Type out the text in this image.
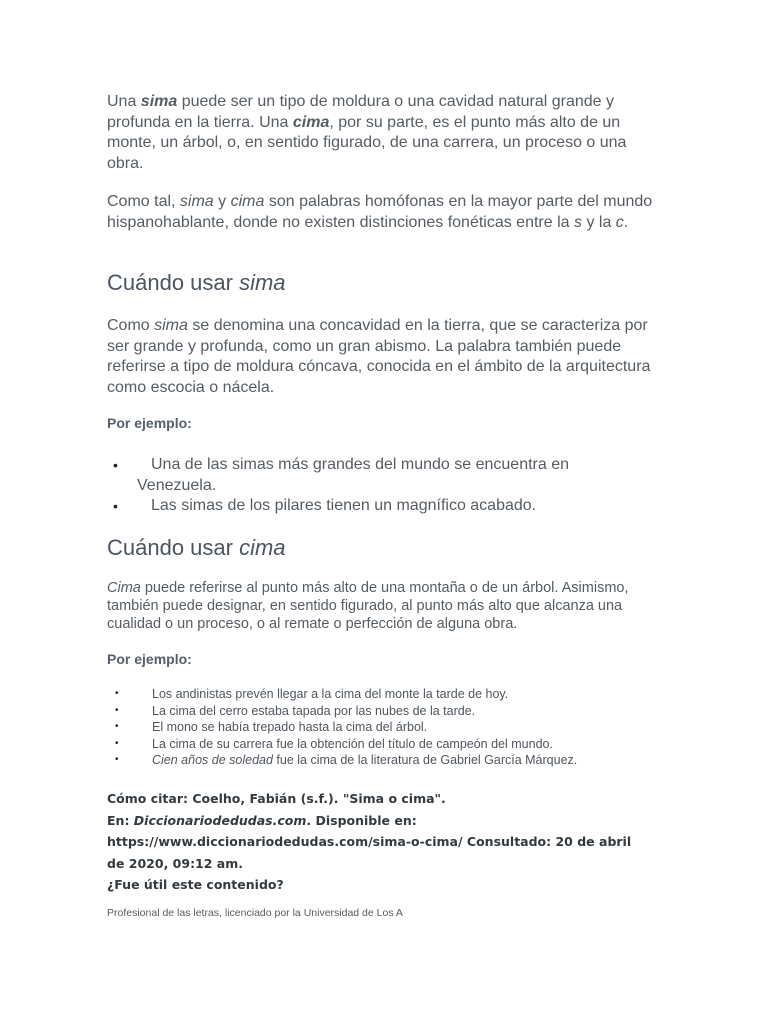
Una sima puede ser un tipo de moldura o una cavidad natural grande y profunda en la tierra. Una cima, por su parte, es el punto más alto de un monte, un árbol, o, en sentido figurado, de una carrera, un proceso o una obra.

Como tal, sima y cima son palabras homófonas en la mayor parte del mundo hispanohablante, donde no existen distinciones fonéticas entre la s y la c.

Cuándo usar sima

Como sima se denomina una concavidad en la tierra, que se caracteriza por ser grande y profunda, como un gran abismo. La palabra también puede referirse a tipo de moldura cóncava, conocida en el ámbito de la arquitectura como escocia o nácela.

Por ejemplo:

• Una de las simas más grandes del mundo se encuentra en Venezuela.
• Las simas de los pilares tienen un magnífico acabado.
Cuándo usar cima

Cima puede referirse al punto más alto de una montaña o de un árbol. Asimismo, también puede designar, en sentido figurado, al punto más alto que alcanza una cualidad o un proceso, o al remate o perfección de alguna obra.

Por ejemplo:

•	Los andinistas prevén llegar a la cima del monte la tarde de hoy.
•	La cima del cerro estaba tapada por las nubes de la tarde.
•	El mono se había trepado hasta la cima del árbol.
•	La cima de su carrera fue la obtención del título de campeón del mundo.
•	Cien años de soledad fue la cima de la literatura de Gabriel García Márquez.
Cómo citar: Coelho, Fabián (s.f.). "Sima o cima".
En: Diccionariodedudas.com. Disponible en:
https://www.diccionariodedudas.com/sima-o-cima/ Consultado: 20 de abril de 2020, 09:12 am.
¿Fue útil este contenido?

Profesional de las letras, licenciado por la Universidad de Los A
